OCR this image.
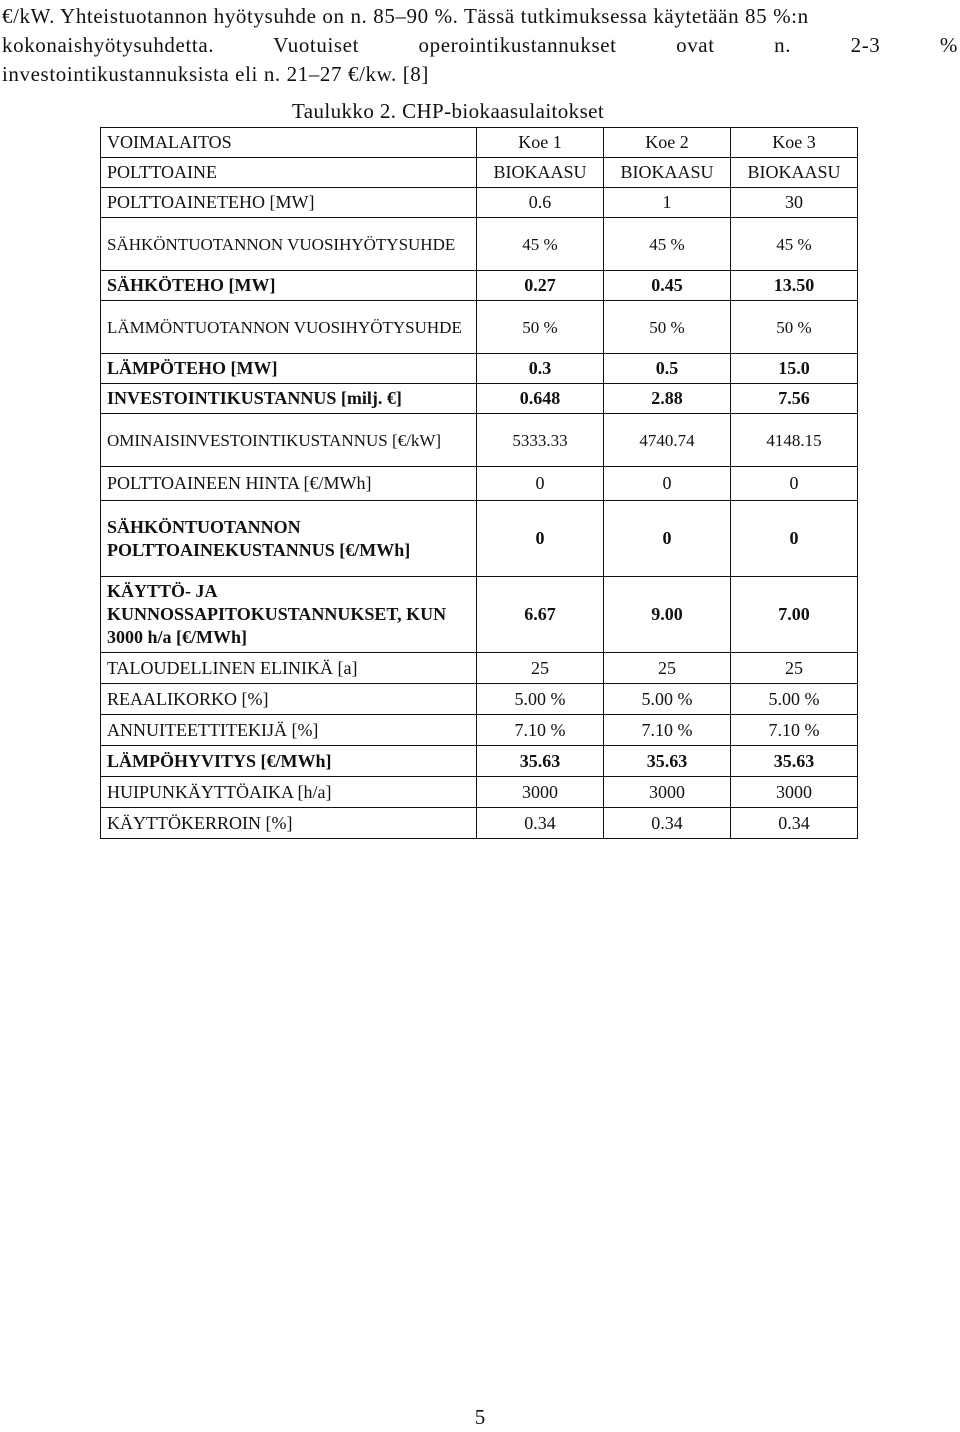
€/kW. Yhteistuotannon hyötysuhde on n. 85–90 %. Tässä tutkimuksessa käytetään 85 %:n
kokonaishyötysuhdetta. Vuotuiset operointikustannukset ovat n. 2-3 %
investointikustannuksista eli n. 21–27 €/kw. [8]

Taulukko 2. CHP-biokaasulaitokset

VOIMALAITOS	Koe 1	Koe 2	Koe 3
POLTTOAINE	BIOKAASU	BIOKAASU	BIOKAASU
POLTTOAINETEHO [MW]	0.6	1	30
SÄHKÖNTUOTANNON VUOSIHYÖTYSUHDE	45 %	45 %	45 %
SÄHKÖTEHO [MW]	0.27	0.45	13.50
LÄMMÖNTUOTANNON VUOSIHYÖTYSUHDE	50 %	50 %	50 %
LÄMPÖTEHO [MW]	0.3	0.5	15.0
INVESTOINTIKUSTANNUS [milj. €]	0.648	2.88	7.56
OMINAISINVESTOINTIKUSTANNUS [€/kW]	5333.33	4740.74	4148.15
POLTTOAINEEN HINTA [€/MWh]	0	0	0
SÄHKÖNTUOTANNON POLTTOAINEKUSTANNUS [€/MWh]	0	0	0
KÄYTTÖ- JA KUNNOSSAPITOKUSTANNUKSET, KUN 3000 h/a [€/MWh]	6.67	9.00	7.00
TALOUDELLINEN ELINIKÄ [a]	25	25	25
REAALIKORKO [%]	5.00 %	5.00 %	5.00 %
ANNUITEETTITEKIJÄ [%]	7.10 %	7.10 %	7.10 %
LÄMPÖHYVITYS [€/MWh]	35.63	35.63	35.63
HUIPUNKÄYTTÖAIKA [h/a]	3000	3000	3000
KÄYTTÖKERROIN [%]	0.34	0.34	0.34

5
